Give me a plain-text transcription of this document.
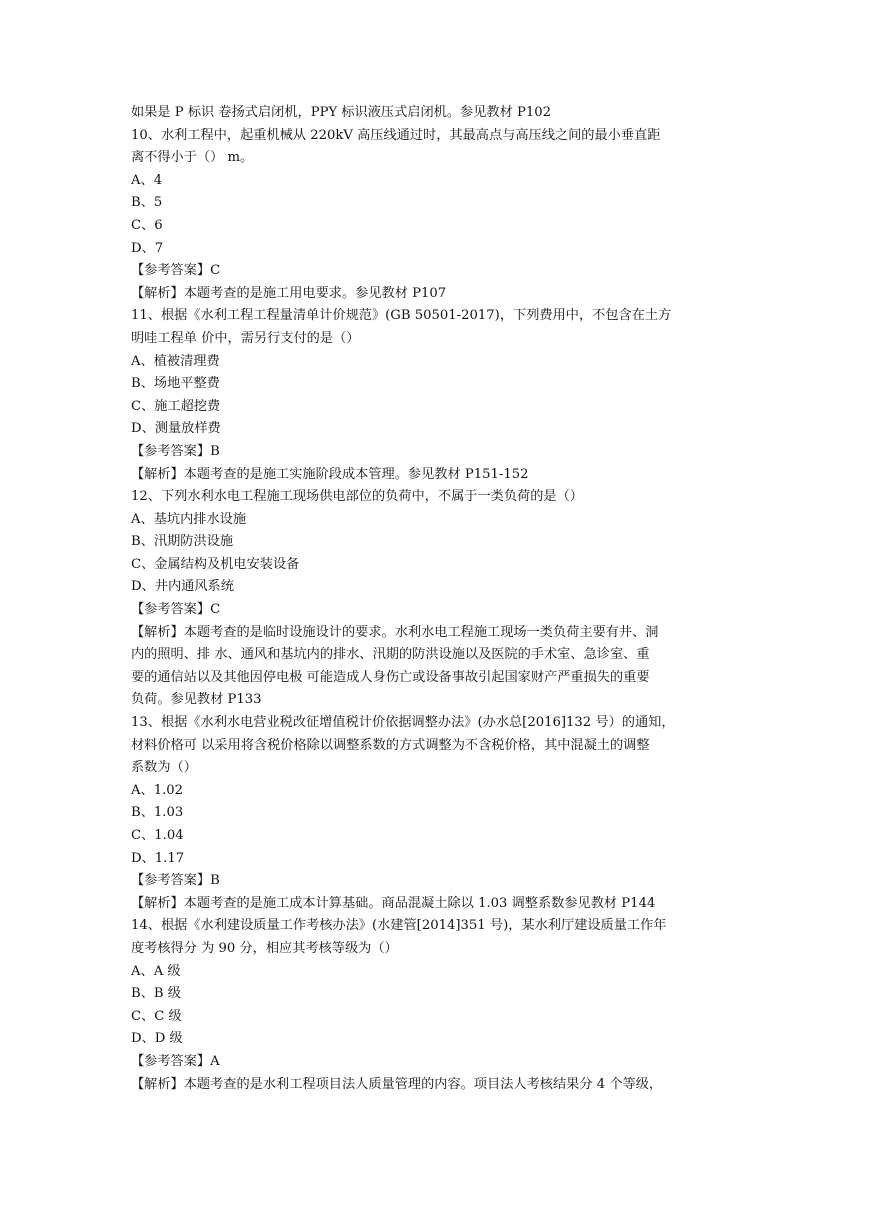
如果是 P 标识 卷扬式启闭机，PPY 标识液压式启闭机。参见教材 P102

10、水利工程中，起重机械从 220kV 高压线通过时，其最高点与高压线之间的最小垂直距

离不得小于（） m。

A、4

B、5

C、6

D、7

【参考答案】C

【解析】本题考查的是施工用电要求。参见教材 P107

11、根据《水利工程工程量清单计价规范》(GB 50501-2017)，下列费用中，不包含在土方

明哇工程单 价中，需另行支付的是（）

A、植被清理费

B、场地平整费

C、施工超挖费

D、测量放样费

【参考答案】B

【解析】本题考查的是施工实施阶段成本管理。参见教材 P151-152

12、下列水利水电工程施工现场供电部位的负荷中，不属于一类负荷的是（）

A、基坑内排水设施

B、汛期防洪设施

C、金属结构及机电安装设备

D、井内通风系统

【参考答案】C

【解析】本题考查的是临时设施设计的要求。水利水电工程施工现场一类负荷主要有井、洞

内的照明、排 水、通风和基坑内的排水、汛期的防洪设施以及医院的手术室、急诊室、重

要的通信站以及其他因停电极 可能造成人身伤亡或设备事故引起国家财产严重损失的重要

负荷。参见教材 P133

13、根据《水利水电营业税改征增值税计价依据调整办法》(办水总[2016]132 号）的通知，

材料价格可 以采用将含税价格除以调整系数的方式调整为不含税价格，其中混凝土的调整

系数为（）

A、1.02

B、1.03

C、1.04

D、1.17

【参考答案】B

【解析】本题考查的是施工成本计算基础。商品混凝土除以 1.03 调整系数参见教材 P144

14、根据《水利建设质量工作考核办法》(水建管[2014]351 号)，某水利厅建设质量工作年

度考核得分 为 90 分，相应其考核等级为（）

A、A 级

B、B 级

C、C 级

D、D 级

【参考答案】A

【解析】本题考查的是水利工程项目法人质量管理的内容。项目法人考核结果分 4 个等级，
